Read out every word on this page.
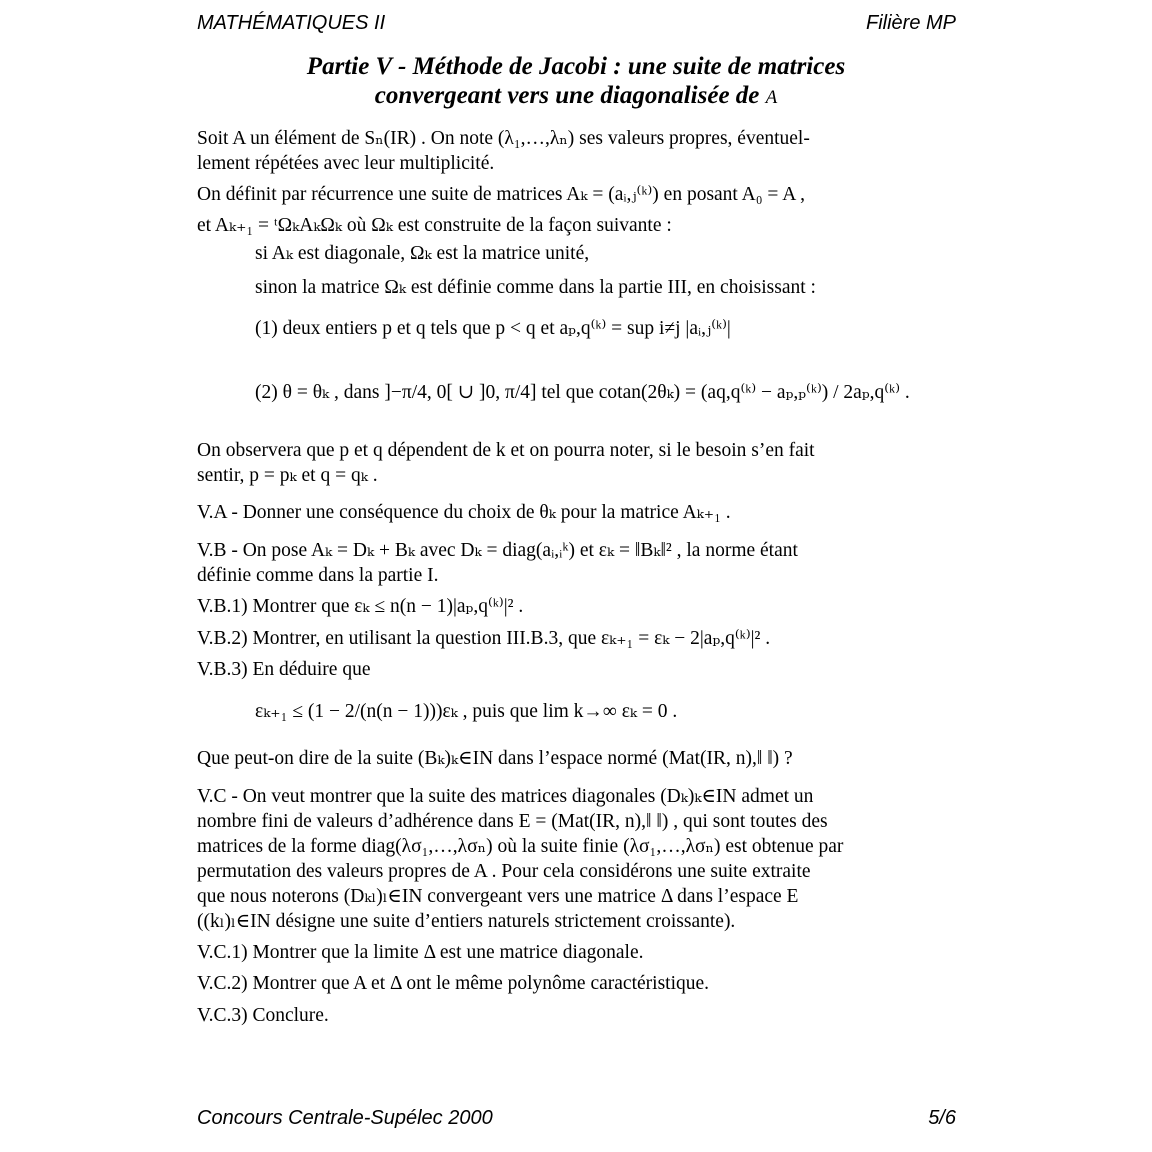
MATHÉMATIQUES II	Filière MP
Partie V - Méthode de Jacobi : une suite de matrices
convergeant vers une diagonalisée de A
Soit A un élément de Sₙ(IR) . On note (λ₁,…,λₙ) ses valeurs propres, éventuel-
lement répétées avec leur multiplicité.
On définit par récurrence une suite de matrices Aₖ = (aᵢ,ⱼ⁽ᵏ⁾) en posant A₀ = A ,
et Aₖ₊₁ = ᵗΩₖAₖΩₖ où Ωₖ est construite de la façon suivante :
si Aₖ est diagonale, Ωₖ est la matrice unité,
sinon la matrice Ωₖ est définie comme dans la partie III, en choisissant :
(1) deux entiers p et q tels que p < q et aₚ,q⁽ᵏ⁾ = sup i≠j |aᵢ,ⱼ⁽ᵏ⁾|
(2) θ = θₖ , dans ]−π/4, 0[ ∪ ]0, π/4] tel que cotan(2θₖ) = (aq,q⁽ᵏ⁾ − aₚ,ₚ⁽ᵏ⁾) / 2aₚ,q⁽ᵏ⁾ .
On observera que p et q dépendent de k et on pourra noter, si le besoin s’en fait
sentir, p = pₖ et q = qₖ .
V.A - Donner une conséquence du choix de θₖ pour la matrice Aₖ₊₁ .
V.B - On pose Aₖ = Dₖ + Bₖ avec Dₖ = diag(aᵢ,ᵢᵏ) et εₖ = ‖Bₖ‖² , la norme étant
définie comme dans la partie I.
V.B.1) Montrer que εₖ ≤ n(n − 1)|aₚ,q⁽ᵏ⁾|² .
V.B.2) Montrer, en utilisant la question III.B.3, que εₖ₊₁ = εₖ − 2|aₚ,q⁽ᵏ⁾|² .
V.B.3) En déduire que
εₖ₊₁ ≤ (1 − 2/(n(n − 1)))εₖ , puis que lim k→∞ εₖ = 0 .
Que peut-on dire de la suite (Bₖ)ₖ∈IN dans l’espace normé (Mat(IR, n),‖ ‖) ?
V.C - On veut montrer que la suite des matrices diagonales (Dₖ)ₖ∈IN admet un
nombre fini de valeurs d’adhérence dans E = (Mat(IR, n),‖ ‖) , qui sont toutes des
matrices de la forme diag(λσ₁,…,λσₙ) où la suite finie (λσ₁,…,λσₙ) est obtenue par
permutation des valeurs propres de A . Pour cela considérons une suite extraite
que nous noterons (Dₖₗ)ₗ∈IN convergeant vers une matrice Δ dans l’espace E
((kₗ)ₗ∈IN désigne une suite d’entiers naturels strictement croissante).
V.C.1) Montrer que la limite Δ est une matrice diagonale.
V.C.2) Montrer que A et Δ ont le même polynôme caractéristique.
V.C.3) Conclure.
Concours Centrale-Supélec 2000	5/6
